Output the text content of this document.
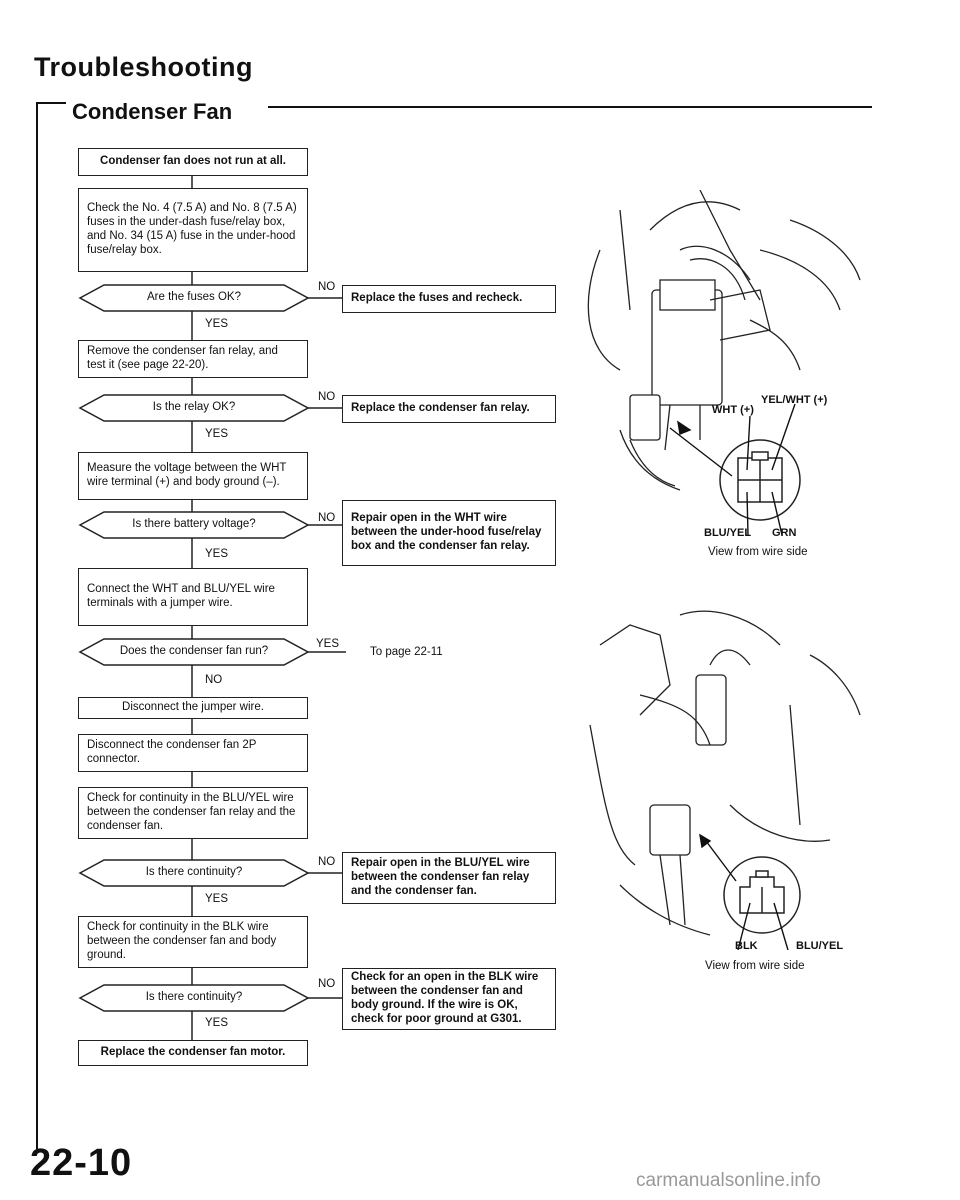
Troubleshooting
Condenser Fan
Condenser fan does not run at all.
Check the No. 4 (7.5 A) and No. 8 (7.5 A) fuses in the under-dash fuse/relay box, and No. 34 (15 A) fuse in the under-hood fuse/relay box.
Are the fuses OK?
NO
Replace the fuses and recheck.
YES
Remove the condenser fan relay, and test it (see page 22-20).
Is the relay OK?
NO
Replace the condenser fan relay.
YES
Measure the voltage between the WHT wire terminal (+) and body ground (–).
Is there battery voltage?	NO	Repair open in the WHT wire between the under-hood fuse/relay box and the condenser fan relay.
YES
Connect the WHT and BLU/YEL wire terminals with a jumper wire.
Does the condenser fan run?
YES
To page 22-11
NO
Disconnect the jumper wire.
Disconnect the condenser fan 2P connector.
Check for continuity in the BLU/YEL wire between the condenser fan relay and the condenser fan.
Is there continuity?
NO	Repair open in the BLU/YEL wire between the condenser fan relay and the condenser fan.
YES
Check for continuity in the BLK wire between the condenser fan and body ground.
Is there continuity?
NO
Check for an open in the BLK wire between the condenser fan and body ground. If the wire is OK, check for poor ground at G301.
YES
Replace the condenser fan motor.
WHT (+)
YEL/WHT (+)
BLU/YEL GRN
View from wire side
BLK	BLU/YEL
View from wire side
22-10	carmanualsonline.info
